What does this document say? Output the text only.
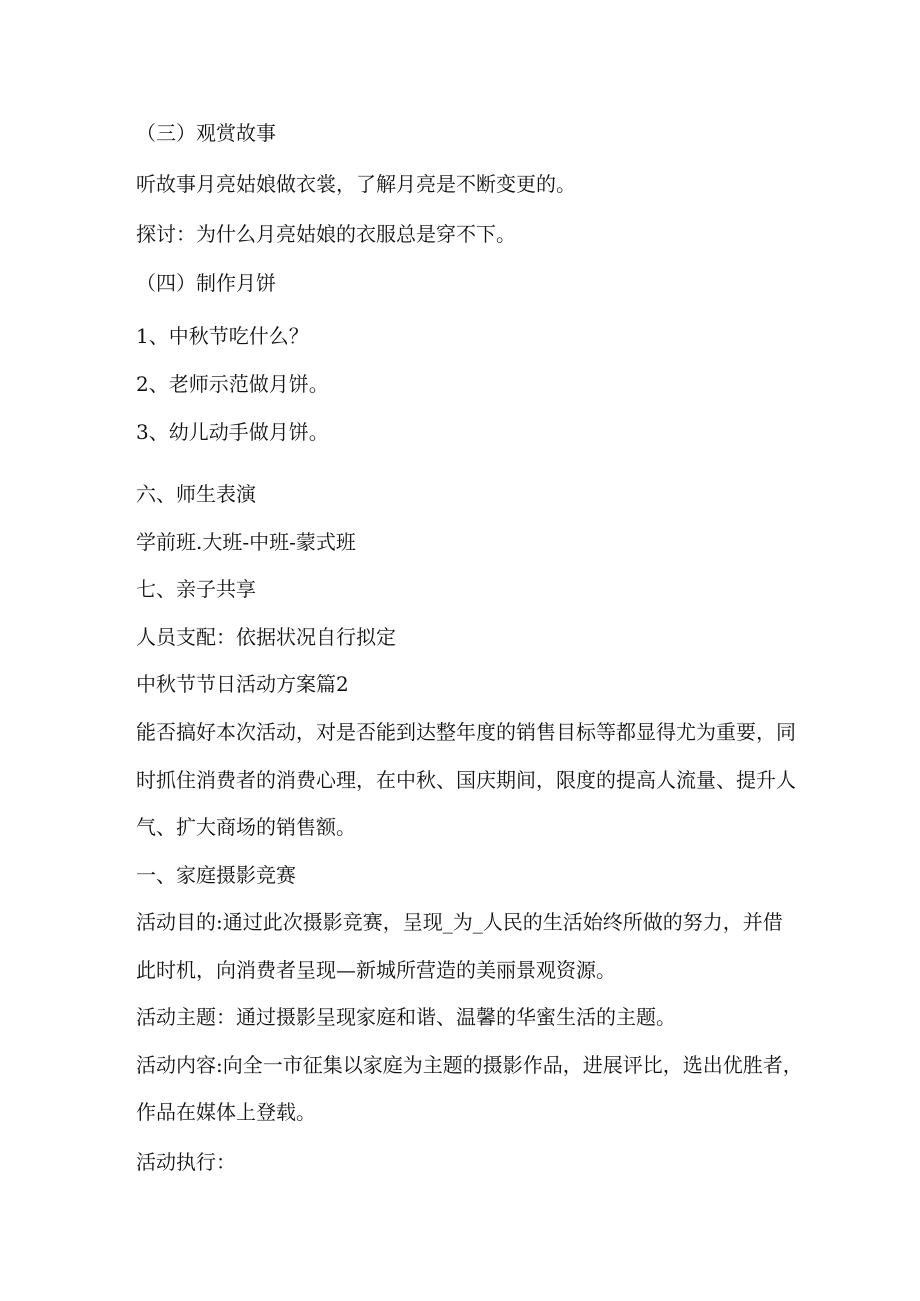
（三）观赏故事

听故事月亮姑娘做衣裳，了解月亮是不断变更的。

探讨：为什么月亮姑娘的衣服总是穿不下。

（四）制作月饼

1、中秋节吃什么？

2、老师示范做月饼。

3、幼儿动手做月饼。

六、师生表演

学前班.大班-中班-蒙式班

七、亲子共享

人员支配：依据状况自行拟定

中秋节节日活动方案篇2

能否搞好本次活动，对是否能到达整年度的销售目标等都显得尤为重要，同

时抓住消费者的消费心理，在中秋、国庆期间，限度的提高人流量、提升人

气、扩大商场的销售额。

一、家庭摄影竞赛

活动目的:通过此次摄影竞赛，呈现_为_人民的生活始终所做的努力，并借

此时机，向消费者呈现—新城所营造的美丽景观资源。

活动主题：通过摄影呈现家庭和谐、温馨的华蜜生活的主题。

活动内容:向全一市征集以家庭为主题的摄影作品，进展评比，选出优胜者，

作品在媒体上登载。

活动执行：
